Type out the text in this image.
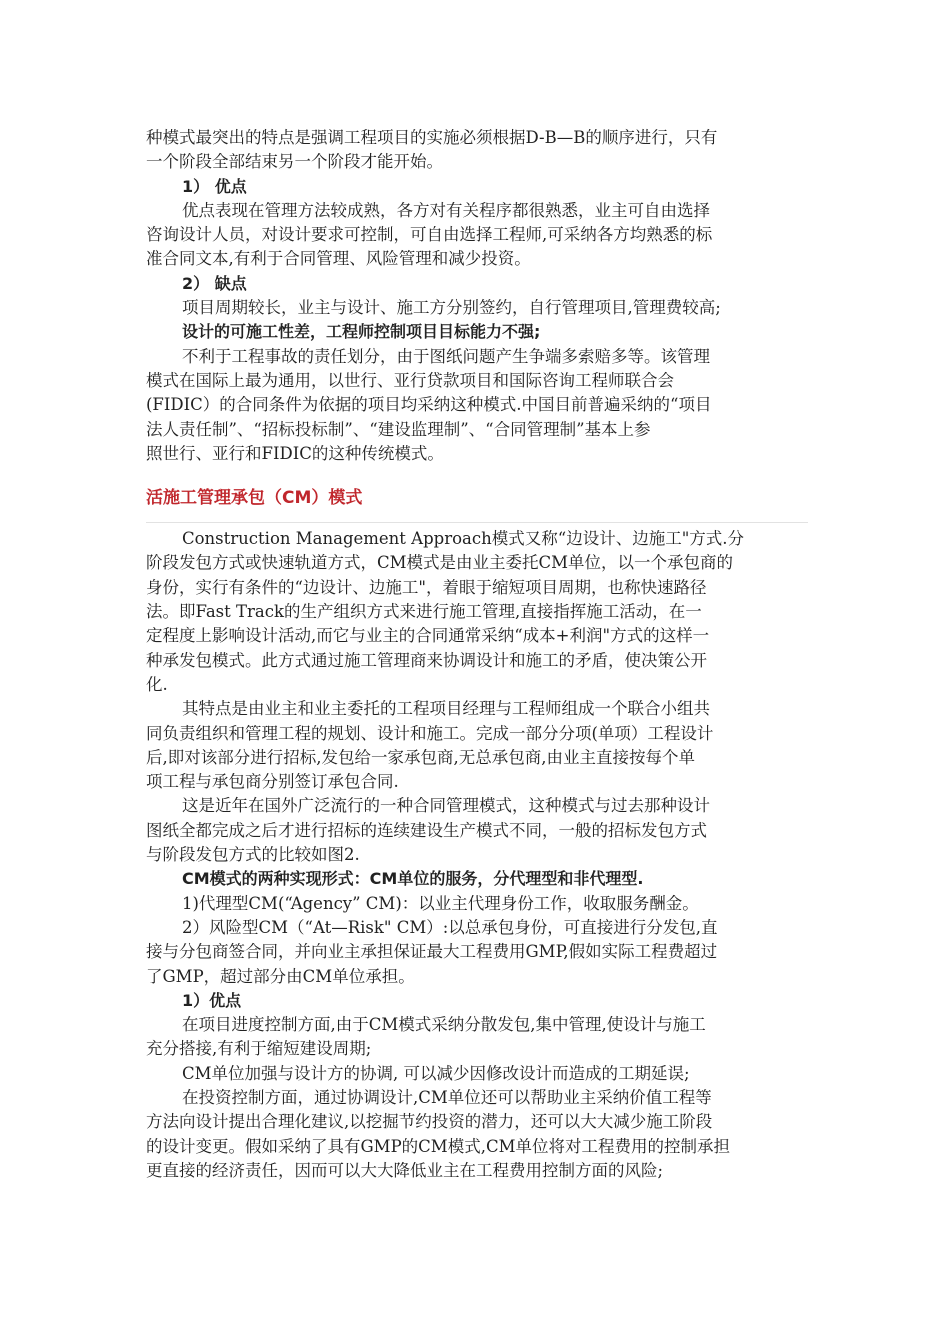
种模式最突出的特点是强调工程项目的实施必须根据D-B—B的顺序进行，只有
一个阶段全部结束另一个阶段才能开始。
1） 优点
优点表现在管理方法较成熟，各方对有关程序都很熟悉，业主可自由选择
咨询设计人员，对设计要求可控制，可自由选择工程师,可采纳各方均熟悉的标
准合同文本,有利于合同管理、风险管理和减少投资。
2） 缺点
项目周期较长，业主与设计、施工方分别签约，自行管理项目,管理费较高;
设计的可施工性差，工程师控制项目目标能力不强;
不利于工程事故的责任划分，由于图纸问题产生争端多索赔多等。该管理
模式在国际上最为通用，以世行、亚行贷款项目和国际咨询工程师联合会
(FIDIC）的合同条件为依据的项目均采纳这种模式.中国目前普遍采纳的“项目
法人责任制”、“招标投标制”、“建设监理制”、“合同管理制”基本上参
照世行、亚行和FIDIC的这种传统模式。
活施工管理承包（CM）模式
Construction Management Approach模式又称“边设计、边施工"方式.分
阶段发包方式或快速轨道方式，CM模式是由业主委托CM单位，以一个承包商的
身份，实行有条件的“边设计、边施工"，着眼于缩短项目周期，也称快速路径
法。即Fast Track的生产组织方式来进行施工管理,直接指挥施工活动，在一
定程度上影响设计活动,而它与业主的合同通常采纳“成本+利润"方式的这样一
种承发包模式。此方式通过施工管理商来协调设计和施工的矛盾，使决策公开
化.
其特点是由业主和业主委托的工程项目经理与工程师组成一个联合小组共
同负责组织和管理工程的规划、设计和施工。完成一部分分项(单项）工程设计
后,即对该部分进行招标,发包给一家承包商,无总承包商,由业主直接按每个单
项工程与承包商分别签订承包合同.
这是近年在国外广泛流行的一种合同管理模式，这种模式与过去那种设计
图纸全都完成之后才进行招标的连续建设生产模式不同，一般的招标发包方式
与阶段发包方式的比较如图2.
CM模式的两种实现形式：CM单位的服务，分代理型和非代理型.
1)代理型CM(“Agency” CM)：以业主代理身份工作，收取服务酬金。
2）风险型CM（“At—Risk" CM）:以总承包身份，可直接进行分发包,直
接与分包商签合同，并向业主承担保证最大工程费用GMP,假如实际工程费超过
了GMP，超过部分由CM单位承担。
1）优点
在项目进度控制方面,由于CM模式采纳分散发包,集中管理,使设计与施工
充分搭接,有利于缩短建设周期;
CM单位加强与设计方的协调, 可以减少因修改设计而造成的工期延误;
在投资控制方面，通过协调设计,CM单位还可以帮助业主采纳价值工程等
方法向设计提出合理化建议,以挖掘节约投资的潜力，还可以大大减少施工阶段
的设计变更。假如采纳了具有GMP的CM模式,CM单位将对工程费用的控制承担
更直接的经济责任，因而可以大大降低业主在工程费用控制方面的风险;
